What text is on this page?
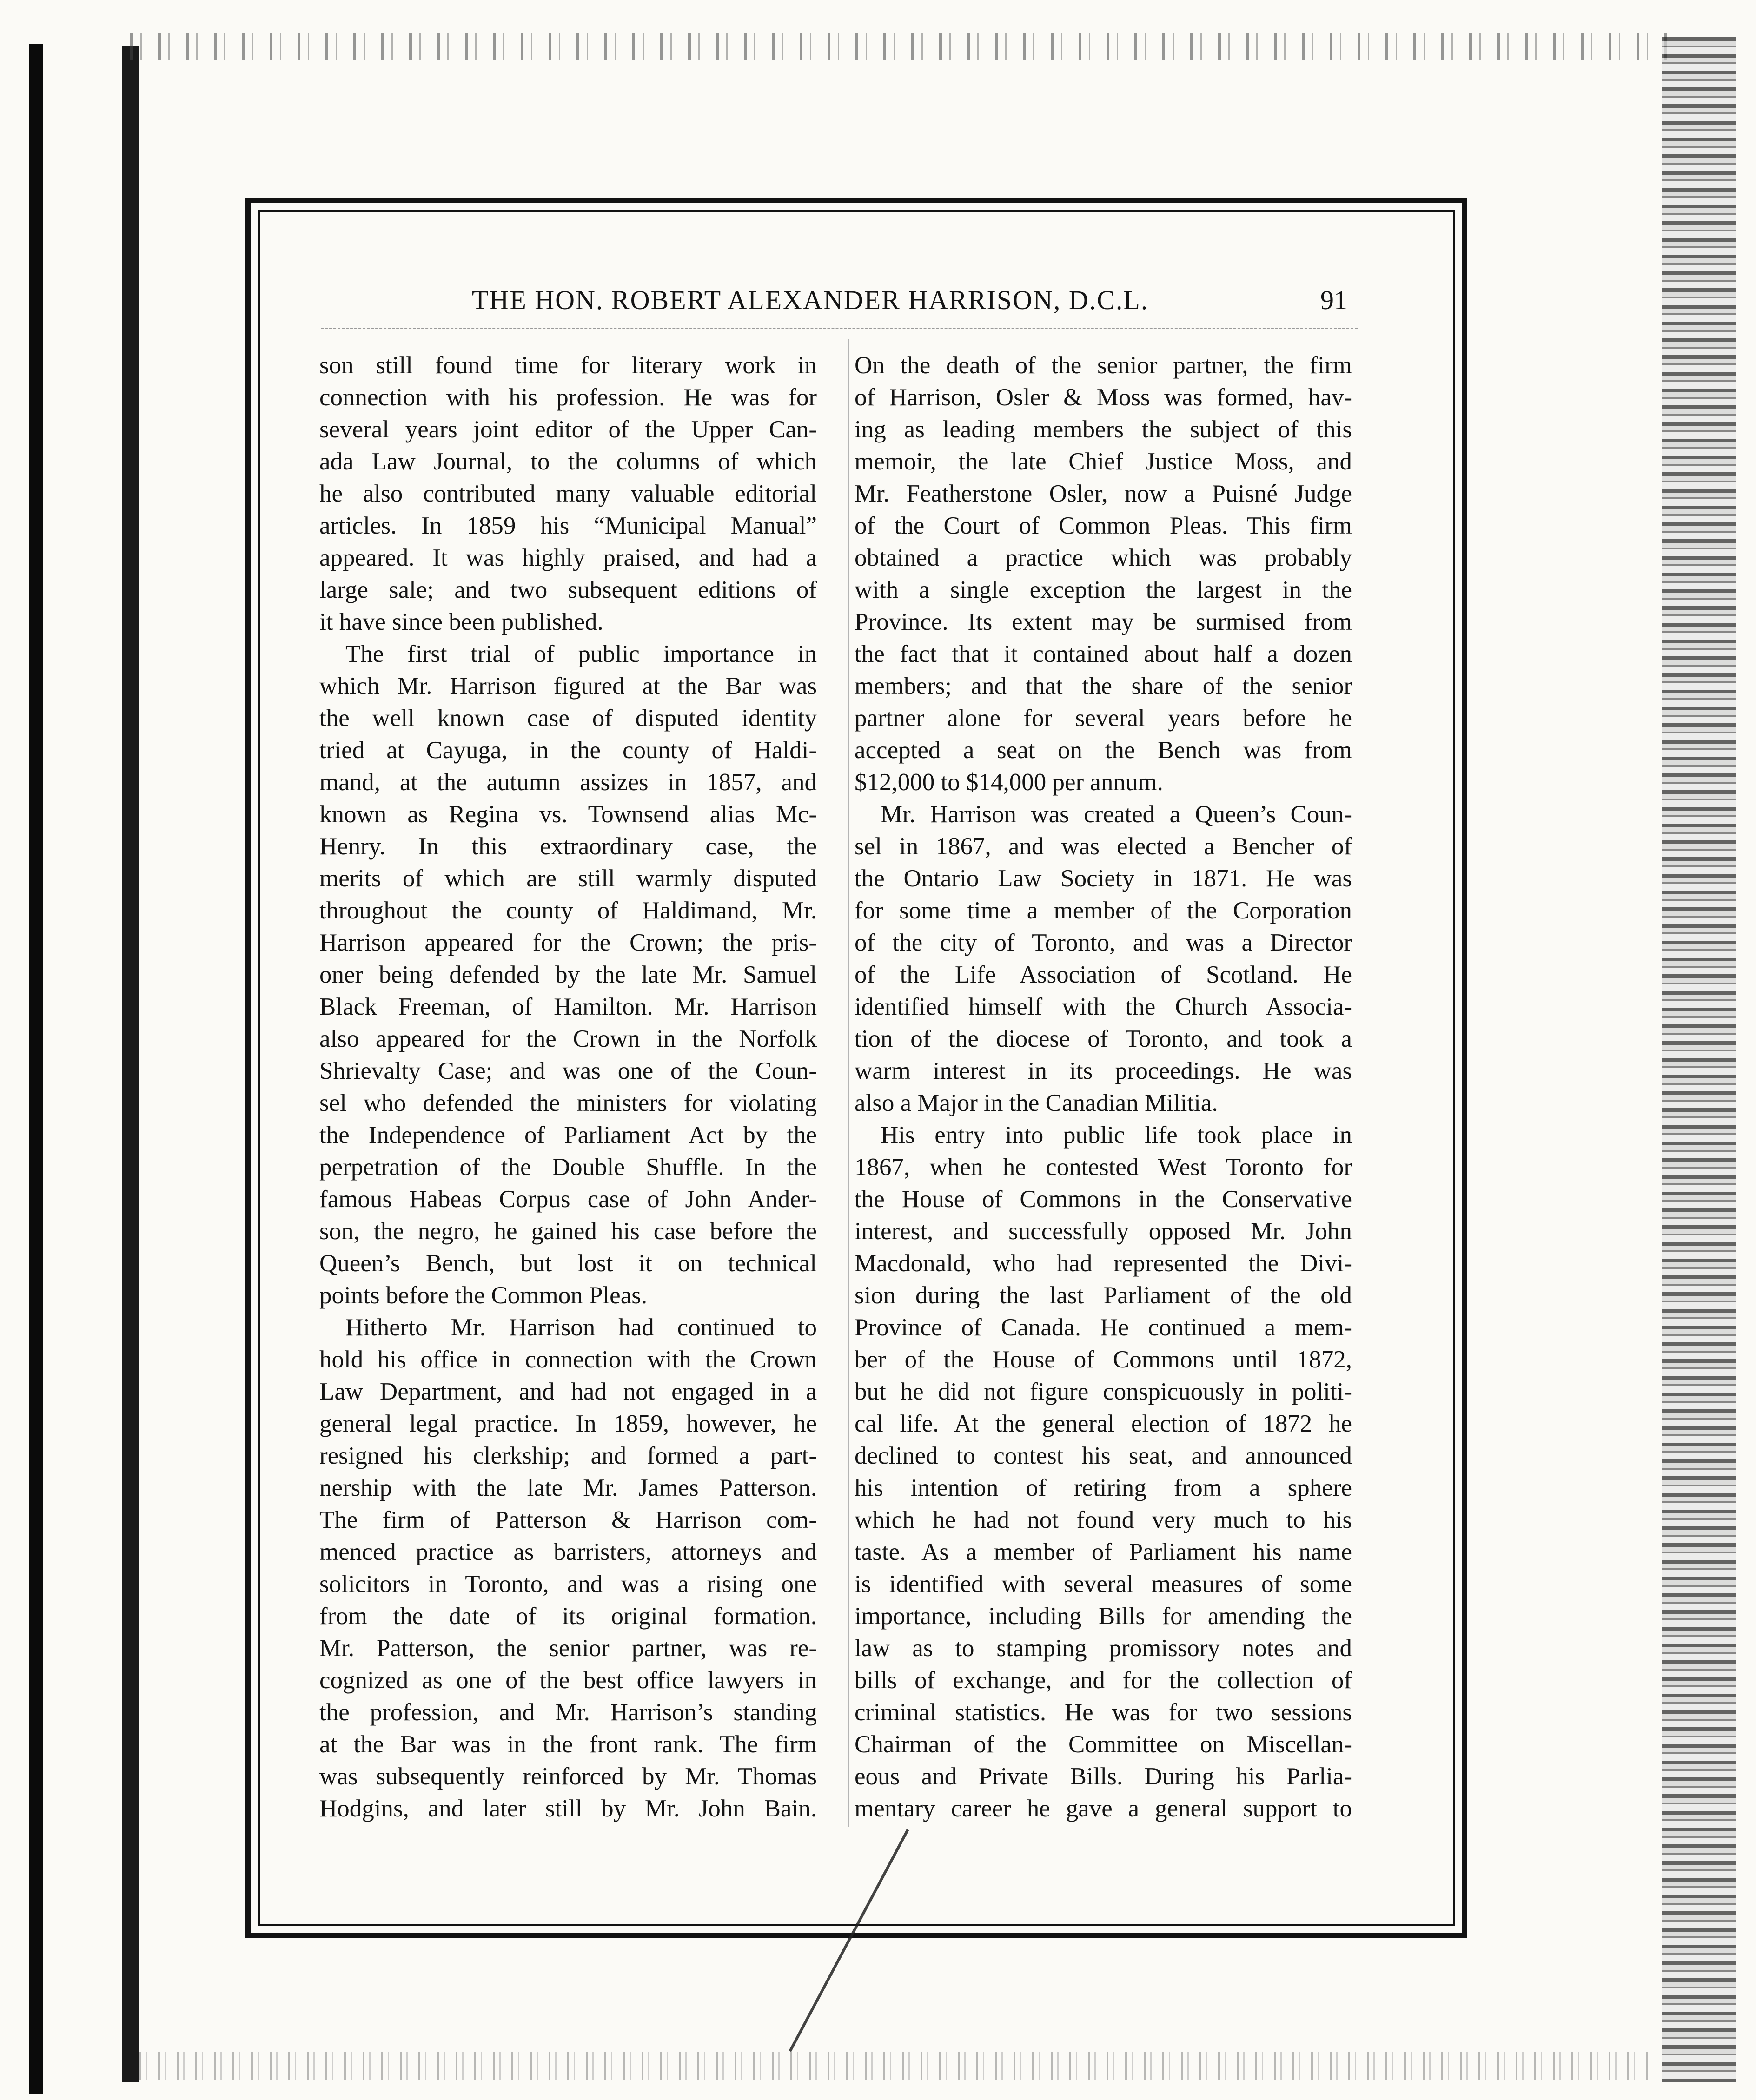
THE HON. ROBERT ALEXANDER HARRISON, D.C.L.	91

son still found time for literary work in

connection with his profession. He was for

several years joint editor of the Upper Can-

ada Law Journal, to the columns of which

he also contributed many valuable editorial

articles. In 1859 his “Municipal Manual”

appeared. It was highly praised, and had a

large sale; and two subsequent editions of

it have since been published.

The first trial of public importance in

which Mr. Harrison figured at the Bar was

the well known case of disputed identity

tried at Cayuga, in the county of Haldi-

mand, at the autumn assizes in 1857, and

known as Regina vs. Townsend alias Mc-

Henry. In this extraordinary case, the

merits of which are still warmly disputed

throughout the county of Haldimand, Mr.

Harrison appeared for the Crown; the pris-

oner being defended by the late Mr. Samuel

Black Freeman, of Hamilton. Mr. Harrison

also appeared for the Crown in the Norfolk

Shrievalty Case; and was one of the Coun-

sel who defended the ministers for violating

the Independence of Parliament Act by the

perpetration of the Double Shuffle. In the

famous Habeas Corpus case of John Ander-

son, the negro, he gained his case before the

Queen’s Bench, but lost it on technical

points before the Common Pleas.

Hitherto Mr. Harrison had continued to

hold his office in connection with the Crown

Law Department, and had not engaged in a

general legal practice. In 1859, however, he

resigned his clerkship; and formed a part-

nership with the late Mr. James Patterson.

The firm of Patterson & Harrison com-

menced practice as barristers, attorneys and

solicitors in Toronto, and was a rising one

from the date of its original formation.

Mr. Patterson, the senior partner, was re-

cognized as one of the best office lawyers in

the profession, and Mr. Harrison’s standing

at the Bar was in the front rank. The firm

was subsequently reinforced by Mr. Thomas

Hodgins, and later still by Mr. John Bain.

On the death of the senior partner, the firm

of Harrison, Osler & Moss was formed, hav-

ing as leading members the subject of this

memoir, the late Chief Justice Moss, and

Mr. Featherstone Osler, now a Puisné Judge

of the Court of Common Pleas. This firm

obtained a practice which was probably

with a single exception the largest in the

Province. Its extent may be surmised from

the fact that it contained about half a dozen

members; and that the share of the senior

partner alone for several years before he

accepted a seat on the Bench was from

$12,000 to $14,000 per annum.

Mr. Harrison was created a Queen’s Coun-

sel in 1867, and was elected a Bencher of

the Ontario Law Society in 1871. He was

for some time a member of the Corporation

of the city of Toronto, and was a Director

of the Life Association of Scotland. He

identified himself with the Church Associa-

tion of the diocese of Toronto, and took a

warm interest in its proceedings. He was

also a Major in the Canadian Militia.

His entry into public life took place in

1867, when he contested West Toronto for

the House of Commons in the Conservative

interest, and successfully opposed Mr. John

Macdonald, who had represented the Divi-

sion during the last Parliament of the old

Province of Canada. He continued a mem-

ber of the House of Commons until 1872,

but he did not figure conspicuously in politi-

cal life. At the general election of 1872 he

declined to contest his seat, and announced

his intention of retiring from a sphere

which he had not found very much to his

taste. As a member of Parliament his name

is identified with several measures of some

importance, including Bills for amending the

law as to stamping promissory notes and

bills of exchange, and for the collection of

criminal statistics. He was for two sessions

Chairman of the Committee on Miscellan-

eous and Private Bills. During his Parlia-

mentary career he gave a general support to
